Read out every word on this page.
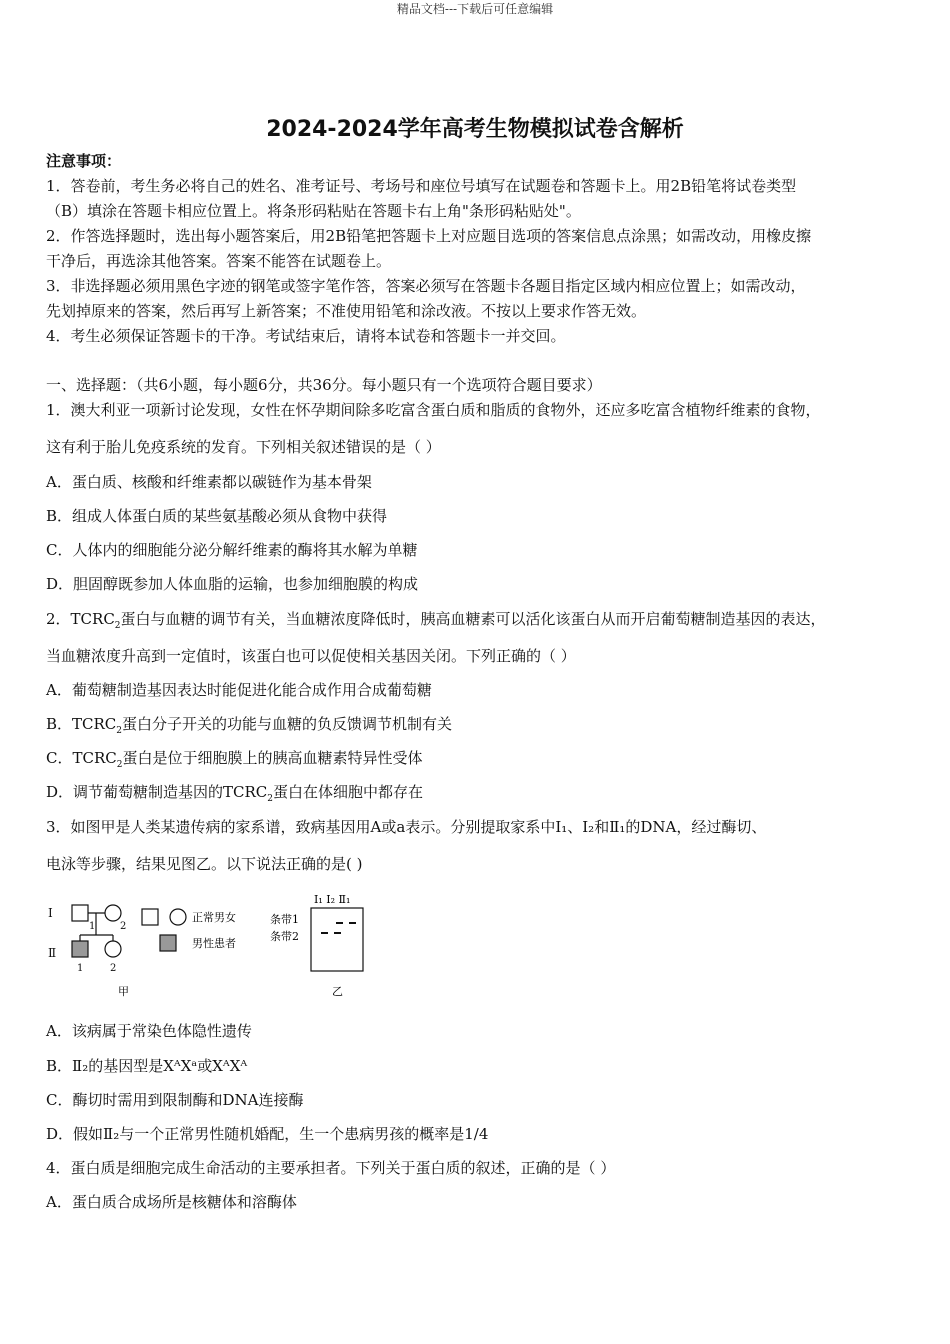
精品文档---下载后可任意编辑
2024-2024学年高考生物模拟试卷含解析
注意事项：
1．答卷前，考生务必将自己的姓名、准考证号、考场号和座位号填写在试题卷和答题卡上。用2B铅笔将试卷类型
（B）填涂在答题卡相应位置上。将条形码粘贴在答题卡右上角"条形码粘贴处"。
2．作答选择题时，选出每小题答案后，用2B铅笔把答题卡上对应题目选项的答案信息点涂黑；如需改动，用橡皮擦
干净后，再选涂其他答案。答案不能答在试题卷上。
3．非选择题必须用黑色字迹的钢笔或签字笔作答，答案必须写在答题卡各题目指定区域内相应位置上；如需改动，
先划掉原来的答案，然后再写上新答案；不准使用铅笔和涂改液。不按以上要求作答无效。
4．考生必须保证答题卡的干净。考试结束后，请将本试卷和答题卡一并交回。
一、选择题：（共6小题，每小题6分，共36分。每小题只有一个选项符合题目要求）
1．澳大利亚一项新讨论发现，女性在怀孕期间除多吃富含蛋白质和脂质的食物外，还应多吃富含植物纤维素的食物，
这有利于胎儿免疫系统的发育。下列相关叙述错误的是（ ）
A．蛋白质、核酸和纤维素都以碳链作为基本骨架
B．组成人体蛋白质的某些氨基酸必须从食物中获得
C．人体内的细胞能分泌分解纤维素的酶将其水解为单糖
D．胆固醇既参加人体血脂的运输，也参加细胞膜的构成
2．$TCRC_2$蛋白与血糖的调节有关，当血糖浓度降低时，胰高血糖素可以活化该蛋白从而开启葡萄糖制造基因的表达，
当血糖浓度升高到一定值时，该蛋白也可以促使相关基因关闭。下列正确的（ ）
A．葡萄糖制造基因表达时能促进化能合成作用合成葡萄糖
B．$TCRC_2$蛋白分子开关的功能与血糖的负反馈调节机制有关
C．$TCRC_2$蛋白是位于细胞膜上的胰高血糖素特异性受体
D．调节葡萄糖制造基因的$TCRC_2$蛋白在体细胞中都存在
3．如图甲是人类某遗传病的家系谱，致病基因用A或a表示。分别提取家系中Ⅰ₁、Ⅰ₂和Ⅱ₁的DNA，经过酶切、
电泳等步骤，结果见图乙。以下说法正确的是( )
Ⅰ
Ⅱ
1 2
1	2
正常男女
男性患者
甲
Ⅰ₁ Ⅰ₂ Ⅱ₁
条带1
条带2
乙
A．该病属于常染色体隐性遗传
B．Ⅱ₂的基因型是XᴬXᵃ或XᴬXᴬ
C．酶切时需用到限制酶和DNA连接酶
D．假如Ⅱ₂与一个正常男性随机婚配，生一个患病男孩的概率是1/4
4．蛋白质是细胞完成生命活动的主要承担者。下列关于蛋白质的叙述，正确的是（ ）
A．蛋白质合成场所是核糖体和溶酶体
